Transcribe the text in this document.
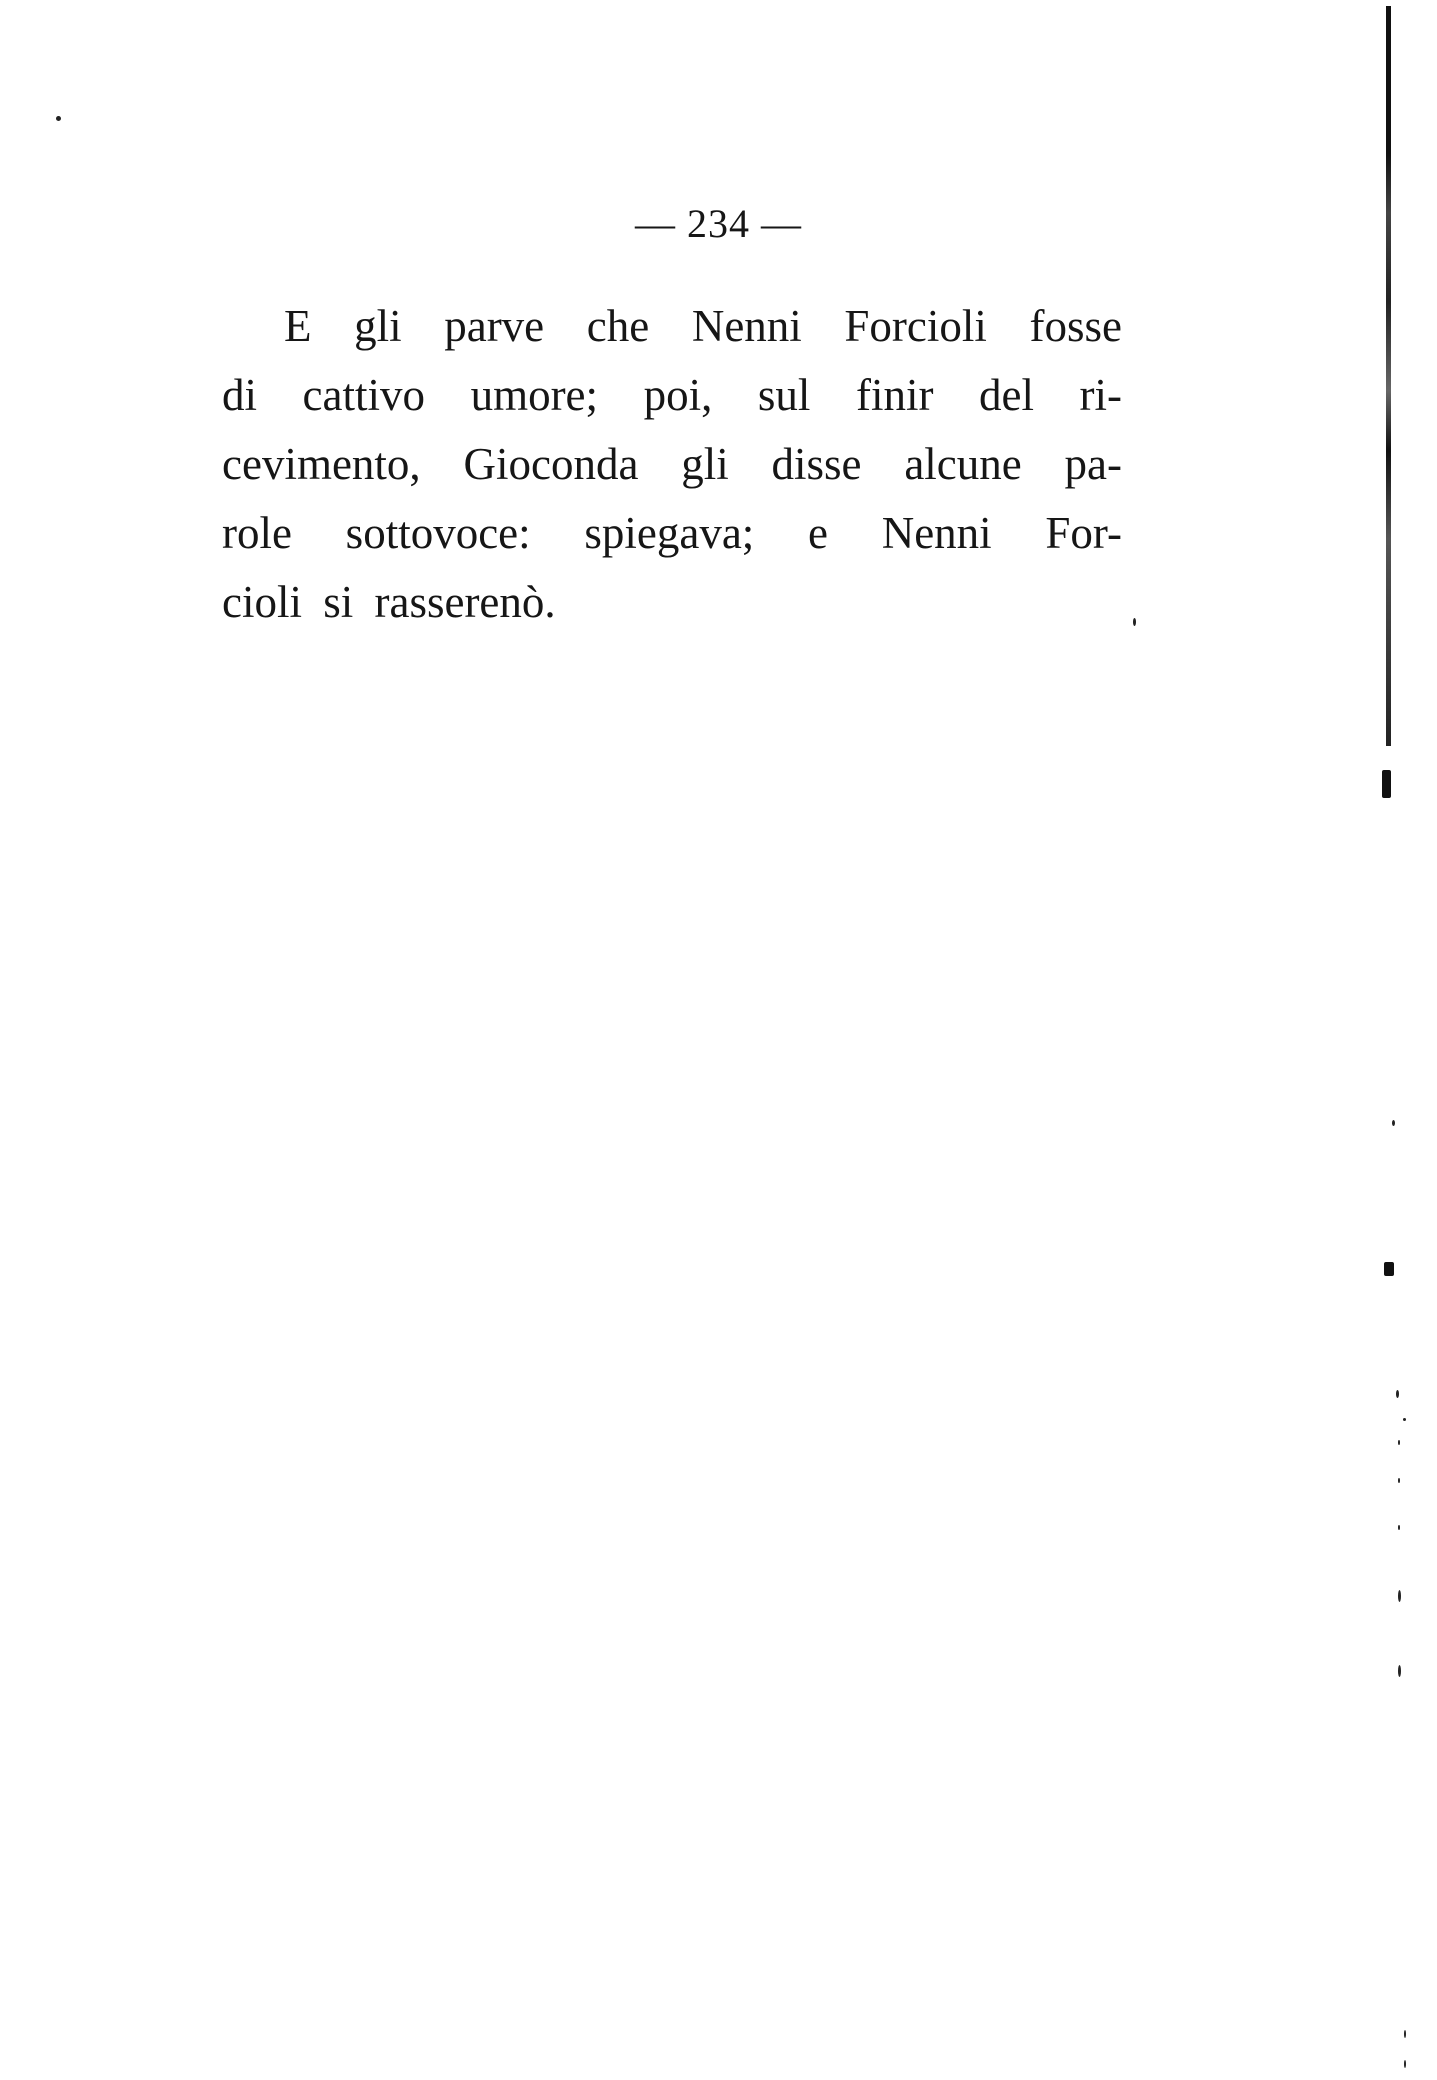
— 234 —
E gli parve che Nenni Forcioli fosse
di cattivo umore; poi, sul finir del ri-
cevimento, Gioconda gli disse alcune pa-
role sottovoce: spiegava; e Nenni For-
cioli si rasserenò.
